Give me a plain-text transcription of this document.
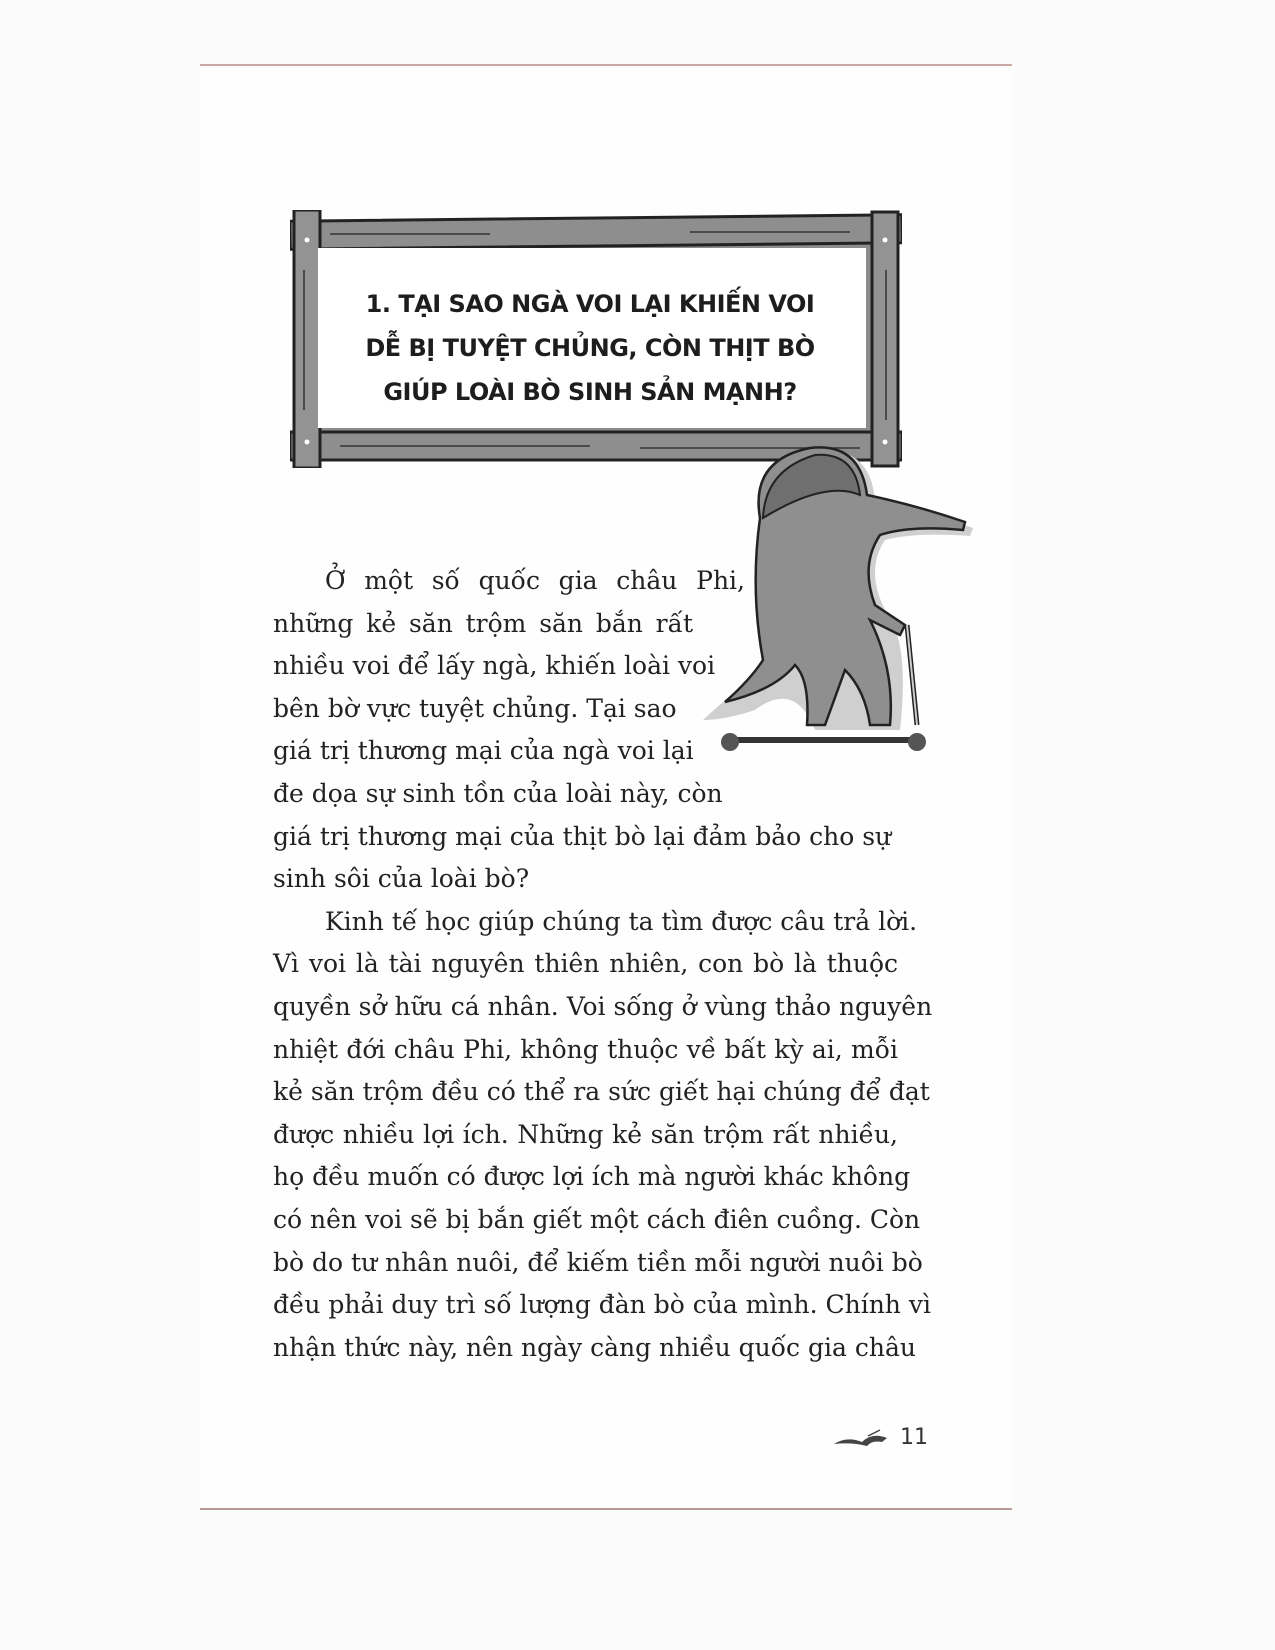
1. TẠI SAO NGÀ VOI LẠI KHIẾN VOI
DỄ BỊ TUYỆT CHỦNG, CÒN THỊT BÒ
GIÚP LOÀI BÒ SINH SẢN MẠNH?
Ở một số quốc gia châu Phi,
những kẻ săn trộm săn bắn rất
nhiều voi để lấy ngà, khiến loài voi
bên bờ vực tuyệt chủng. Tại sao
giá trị thương mại của ngà voi lại
đe dọa sự sinh tồn của loài này, còn
giá trị thương mại của thịt bò lại đảm bảo cho sự
sinh sôi của loài bò?
Kinh tế học giúp chúng ta tìm được câu trả lời.
Vì voi là tài nguyên thiên nhiên, con bò là thuộc
quyền sở hữu cá nhân. Voi sống ở vùng thảo nguyên
nhiệt đới châu Phi, không thuộc về bất kỳ ai, mỗi
kẻ săn trộm đều có thể ra sức giết hại chúng để đạt
được nhiều lợi ích. Những kẻ săn trộm rất nhiều,
họ đều muốn có được lợi ích mà người khác không
có nên voi sẽ bị bắn giết một cách điên cuồng. Còn
bò do tư nhân nuôi, để kiếm tiền mỗi người nuôi bò
đều phải duy trì số lượng đàn bò của mình. Chính vì
nhận thức này, nên ngày càng nhiều quốc gia châu
11
